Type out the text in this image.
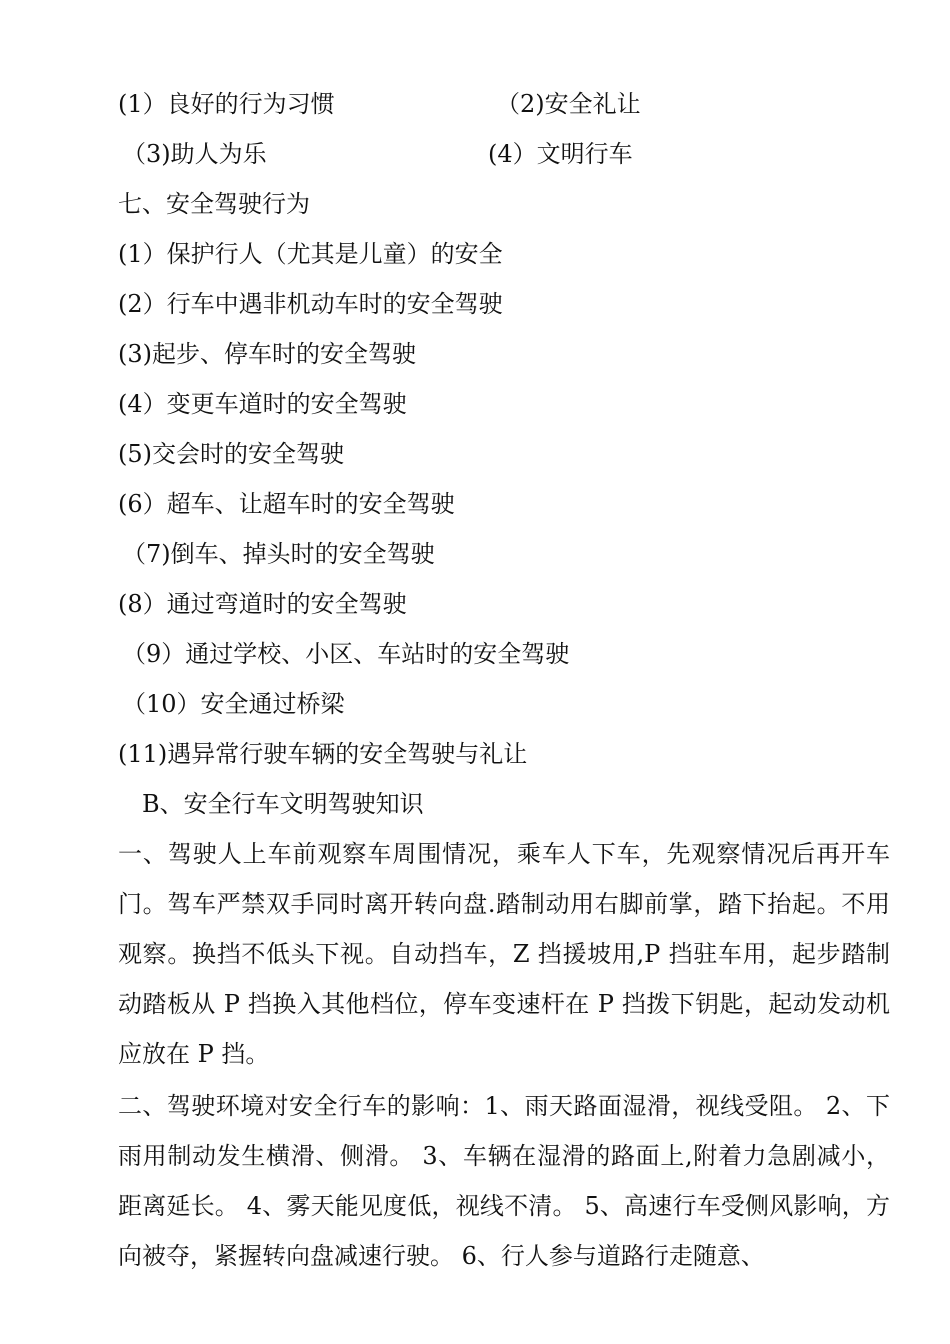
(1）良好的行为习惯	（2)安全礼让
（3)助人为乐	(4）文明行车
七、安全驾驶行为
(1）保护行人（尤其是儿童）的安全
(2）行车中遇非机动车时的安全驾驶
(3)起步、停车时的安全驾驶
(4）变更车道时的安全驾驶
(5)交会时的安全驾驶
(6）超车、让超车时的安全驾驶
（7)倒车、掉头时的安全驾驶
(8）通过弯道时的安全驾驶
（9）通过学校、小区、车站时的安全驾驶
（10）安全通过桥梁
(11)遇异常行驶车辆的安全驾驶与礼让
B、安全行车文明驾驶知识
一、驾驶人上车前观察车周围情况，乘车人下车，先观察情况后再开车门。驾车严禁双手同时离开转向盘.踏制动用右脚前掌，踏下抬起。不用观察。换挡不低头下视。自动挡车，Z 挡援坡用,P 挡驻车用，起步踏制动踏板从 P 挡换入其他档位，停车变速杆在 P 挡拨下钥匙，起动发动机应放在 P 挡。
二、驾驶环境对安全行车的影响：1、雨天路面湿滑，视线受阻。 2、下雨用制动发生横滑、侧滑。 3、车辆在湿滑的路面上,附着力急剧减小，距离延长。 4、雾天能见度低，视线不清。 5、高速行车受侧风影响，方向被夺，紧握转向盘减速行驶。 6、行人参与道路行走随意、
